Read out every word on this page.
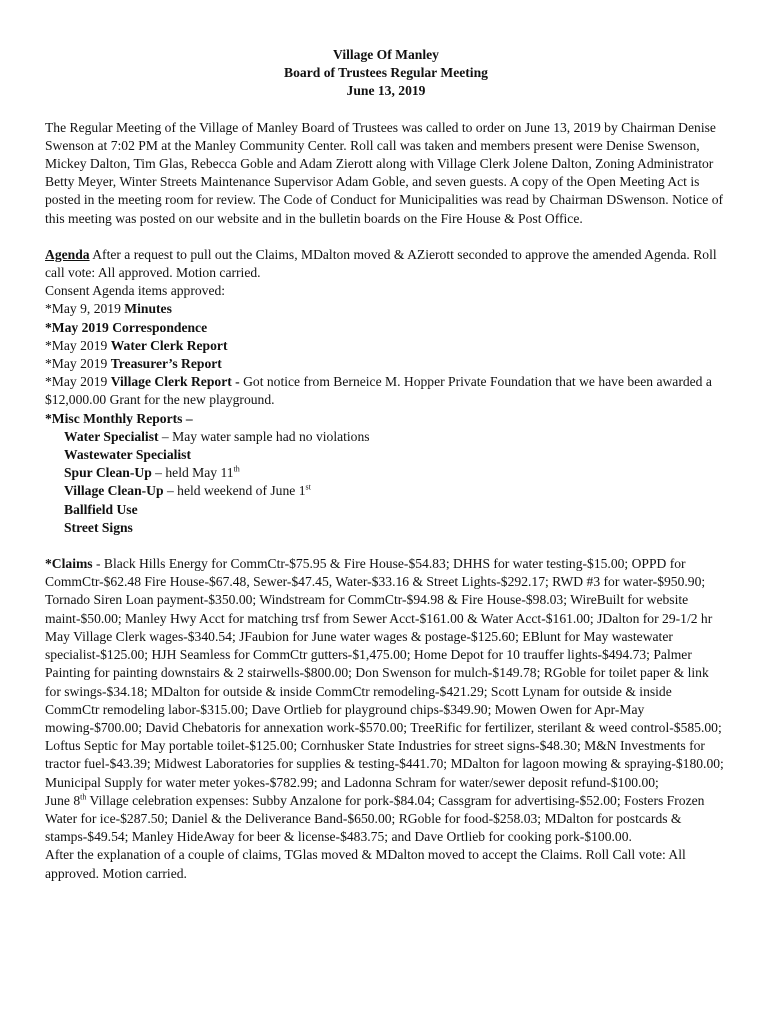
Village Of Manley
Board of Trustees Regular Meeting
June 13, 2019

The Regular Meeting of the Village of Manley Board of Trustees was called to order on June 13, 2019 by Chairman Denise Swenson at 7:02 PM at the Manley Community Center. Roll call was taken and members present were Denise Swenson, Mickey Dalton, Tim Glas, Rebecca Goble and Adam Zierott along with Village Clerk Jolene Dalton, Zoning Administrator Betty Meyer, Winter Streets Maintenance Supervisor Adam Goble, and seven guests. A copy of the Open Meeting Act is posted in the meeting room for review. The Code of Conduct for Municipalities was read by Chairman DSwenson. Notice of this meeting was posted on our website and in the bulletin boards on the Fire House & Post Office.

Agenda After a request to pull out the Claims, MDalton moved & AZierott seconded to approve the amended Agenda. Roll call vote: All approved. Motion carried.

Consent Agenda items approved:

*May 9, 2019 Minutes

*May 2019 Correspondence

*May 2019 Water Clerk Report

*May 2019 Treasurer’s Report

*May 2019 Village Clerk Report - Got notice from Berneice M. Hopper Private Foundation that we have been awarded a $12,000.00 Grant for the new playground.

*Misc Monthly Reports –

Water Specialist – May water sample had no violations

Wastewater Specialist

Spur Clean-Up – held May 11th

Village Clean-Up – held weekend of June 1st

Ballfield Use

Street Signs

*Claims - Black Hills Energy for CommCtr-$75.95 & Fire House-$54.83; DHHS for water testing-$15.00; OPPD for CommCtr-$62.48 Fire House-$67.48, Sewer-$47.45, Water-$33.16 & Street Lights-$292.17; RWD #3 for water-$950.90; Tornado Siren Loan payment-$350.00; Windstream for CommCtr-$94.98 & Fire House-$98.03; WireBuilt for website maint-$50.00; Manley Hwy Acct for matching trsf from Sewer Acct-$161.00 & Water Acct-$161.00; JDalton for 29-1/2 hr May Village Clerk wages-$340.54; JFaubion for June water wages & postage-$125.60; EBlunt for May wastewater specialist-$125.00; HJH Seamless for CommCtr gutters-$1,475.00; Home Depot for 10 trauffer lights-$494.73; Palmer Painting for painting downstairs & 2 stairwells-$800.00; Don Swenson for mulch-$149.78; RGoble for toilet paper & link for swings-$34.18; MDalton for outside & inside CommCtr remodeling-$421.29; Scott Lynam for outside & inside CommCtr remodeling labor-$315.00; Dave Ortlieb for playground chips-$349.90; Mowen Owen for Apr-May mowing-$700.00; David Chebatoris for annexation work-$570.00; TreeRific for fertilizer, sterilant & weed control-$585.00; Loftus Septic for May portable toilet-$125.00; Cornhusker State Industries for street signs-$48.30; M&N Investments for tractor fuel-$43.39; Midwest Laboratories for supplies & testing-$441.70; MDalton for lagoon mowing & spraying-$180.00; Municipal Supply for water meter yokes-$782.99; and Ladonna Schram for water/sewer deposit refund-$100.00;

June 8th Village celebration expenses: Subby Anzalone for pork-$84.04; Cassgram for advertising-$52.00; Fosters Frozen Water for ice-$287.50; Daniel & the Deliverance Band-$650.00; RGoble for food-$258.03; MDalton for postcards & stamps-$49.54; Manley HideAway for beer & license-$483.75; and Dave Ortlieb for cooking pork-$100.00.

After the explanation of a couple of claims, TGlas moved & MDalton moved to accept the Claims. Roll Call vote: All approved. Motion carried.
